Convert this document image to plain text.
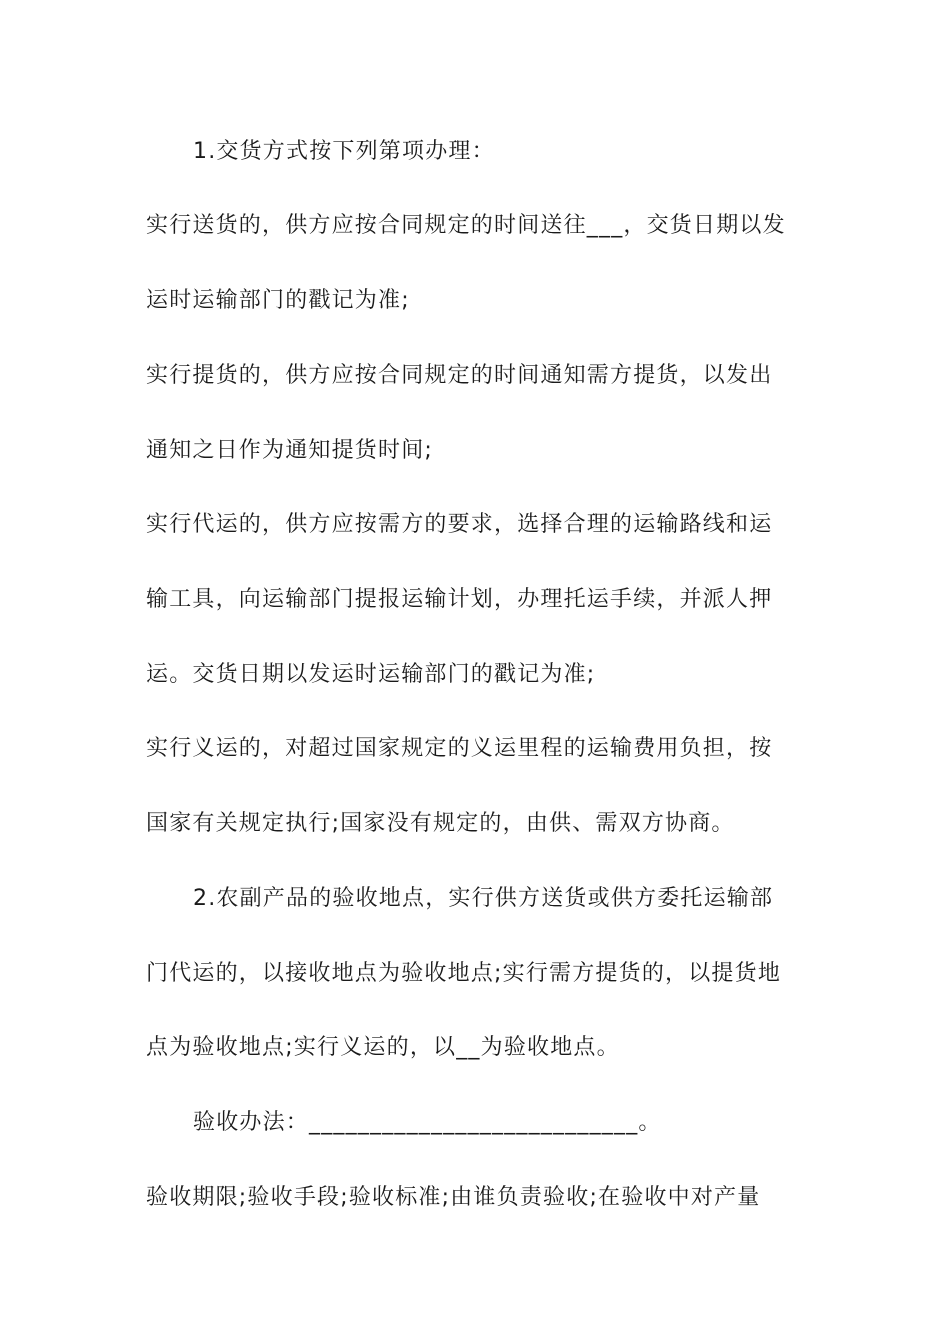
1.交货方式按下列第项办理：
实行送货的，供方应按合同规定的时间送往___，交货日期以发
运时运输部门的戳记为准;
实行提货的，供方应按合同规定的时间通知需方提货，以发出
通知之日作为通知提货时间;
实行代运的，供方应按需方的要求，选择合理的运输路线和运
输工具，向运输部门提报运输计划，办理托运手续，并派人押
运。交货日期以发运时运输部门的戳记为准;
实行义运的，对超过国家规定的义运里程的运输费用负担，按
国家有关规定执行;国家没有规定的，由供、需双方协商。
2.农副产品的验收地点，实行供方送货或供方委托运输部
门代运的，以接收地点为验收地点;实行需方提货的，以提货地
点为验收地点;实行义运的，以__为验收地点。
验收办法：___________________________。
验收期限;验收手段;验收标准;由谁负责验收;在验收中对产量
